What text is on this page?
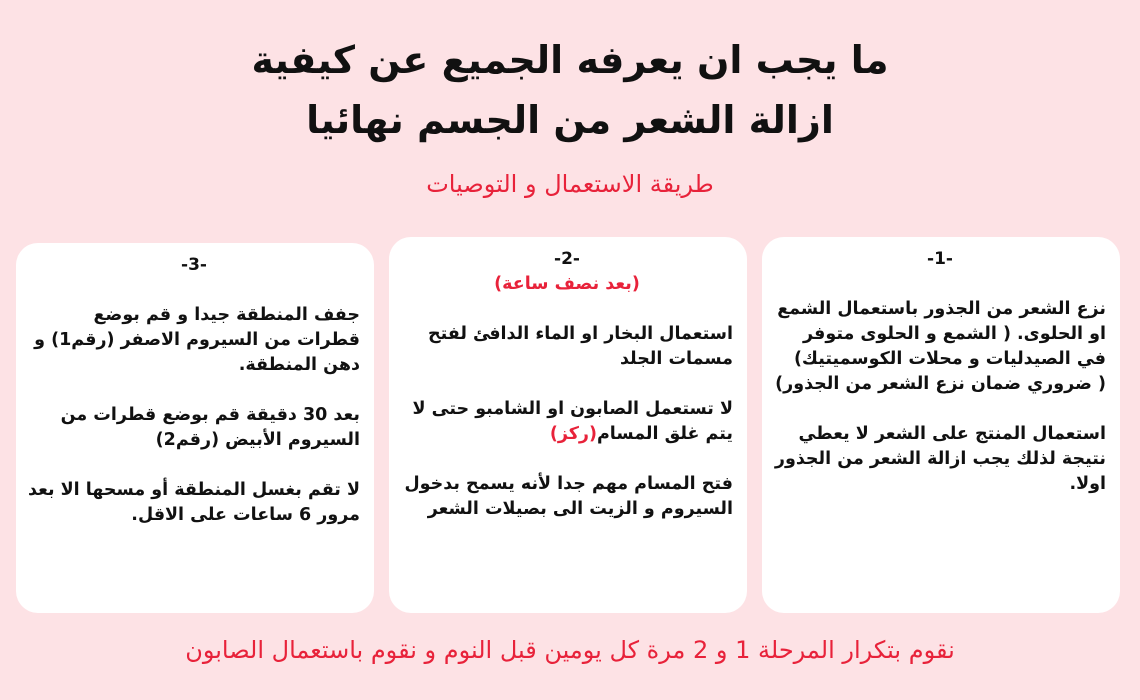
ما يجب ان يعرفه الجميع عن كيفية
ازالة الشعر من الجسم نهائيا
طريقة الاستعمال و التوصيات
-1-

نزع الشعر من الجذور باستعمال الشمع او الحلوى. ( الشمع و الحلوى متوفر في الصيدليات و محلات الكوسميتيك)

( ضروري ضمان نزع الشعر من الجذور)

استعمال المنتج على الشعر لا يعطي نتيجة لذلك يجب ازالة الشعر من الجذور اولا.

-2-
(بعد نصف ساعة)

استعمال البخار او الماء الدافئ لفتح مسمات الجلد

لا تستعمل الصابون او الشامبو حتى لا يتم غلق المسام(ركز)

فتح المسام مهم جدا لأنه يسمح بدخول السيروم و الزيت الى بصيلات الشعر

-3-

جفف المنطقة جيدا و قم بوضع قطرات من السيروم الاصفر (رقم1) و دهن المنطقة.

بعد 30 دقيقة قم بوضع قطرات من السيروم الأبيض (رقم2)

لا تقم بغسل المنطقة أو مسحها الا بعد مرور 6 ساعات على الاقل.

نقوم بتكرار المرحلة 1 و 2 مرة كل يومين قبل النوم و نقوم باستعمال الصابون
